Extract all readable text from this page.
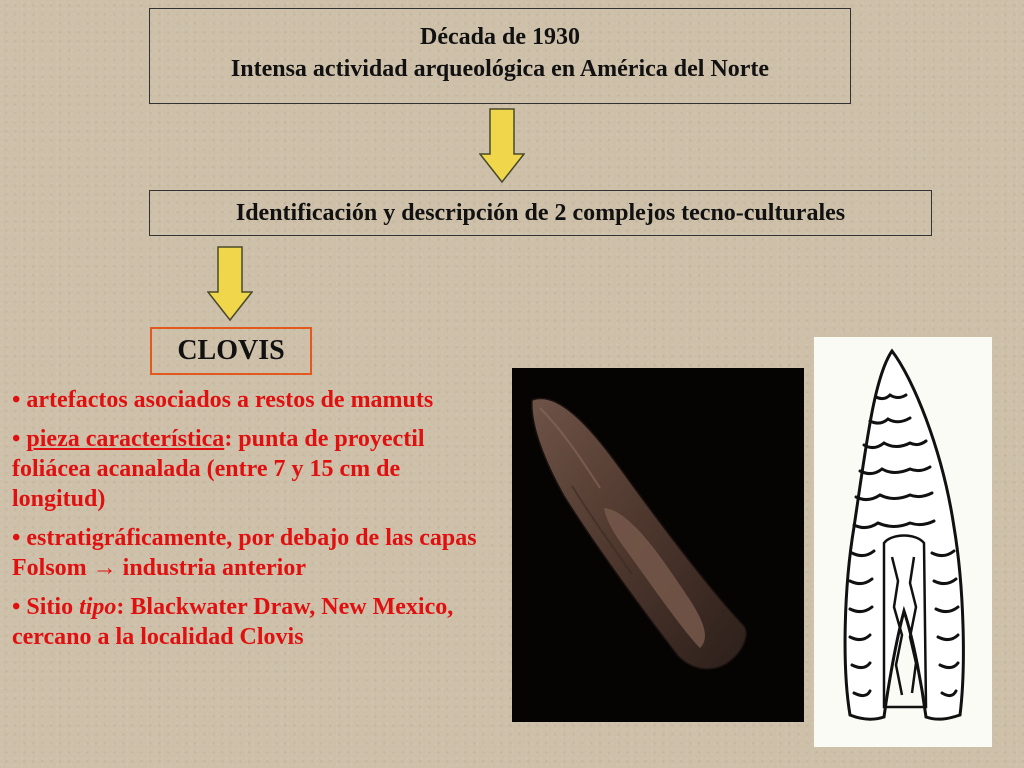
Década de 1930
Intensa actividad arqueológica en América del Norte
Identificación y descripción de 2 complejos tecno-culturales
CLOVIS

• artefactos asociados a restos de mamuts

• pieza característica: punta de proyectil foliácea acanalada (entre 7 y 15 cm de longitud)

• estratigráficamente, por debajo de las capas Folsom → industria anterior

• Sitio tipo: Blackwater Draw, New Mexico, cercano a la localidad Clovis
